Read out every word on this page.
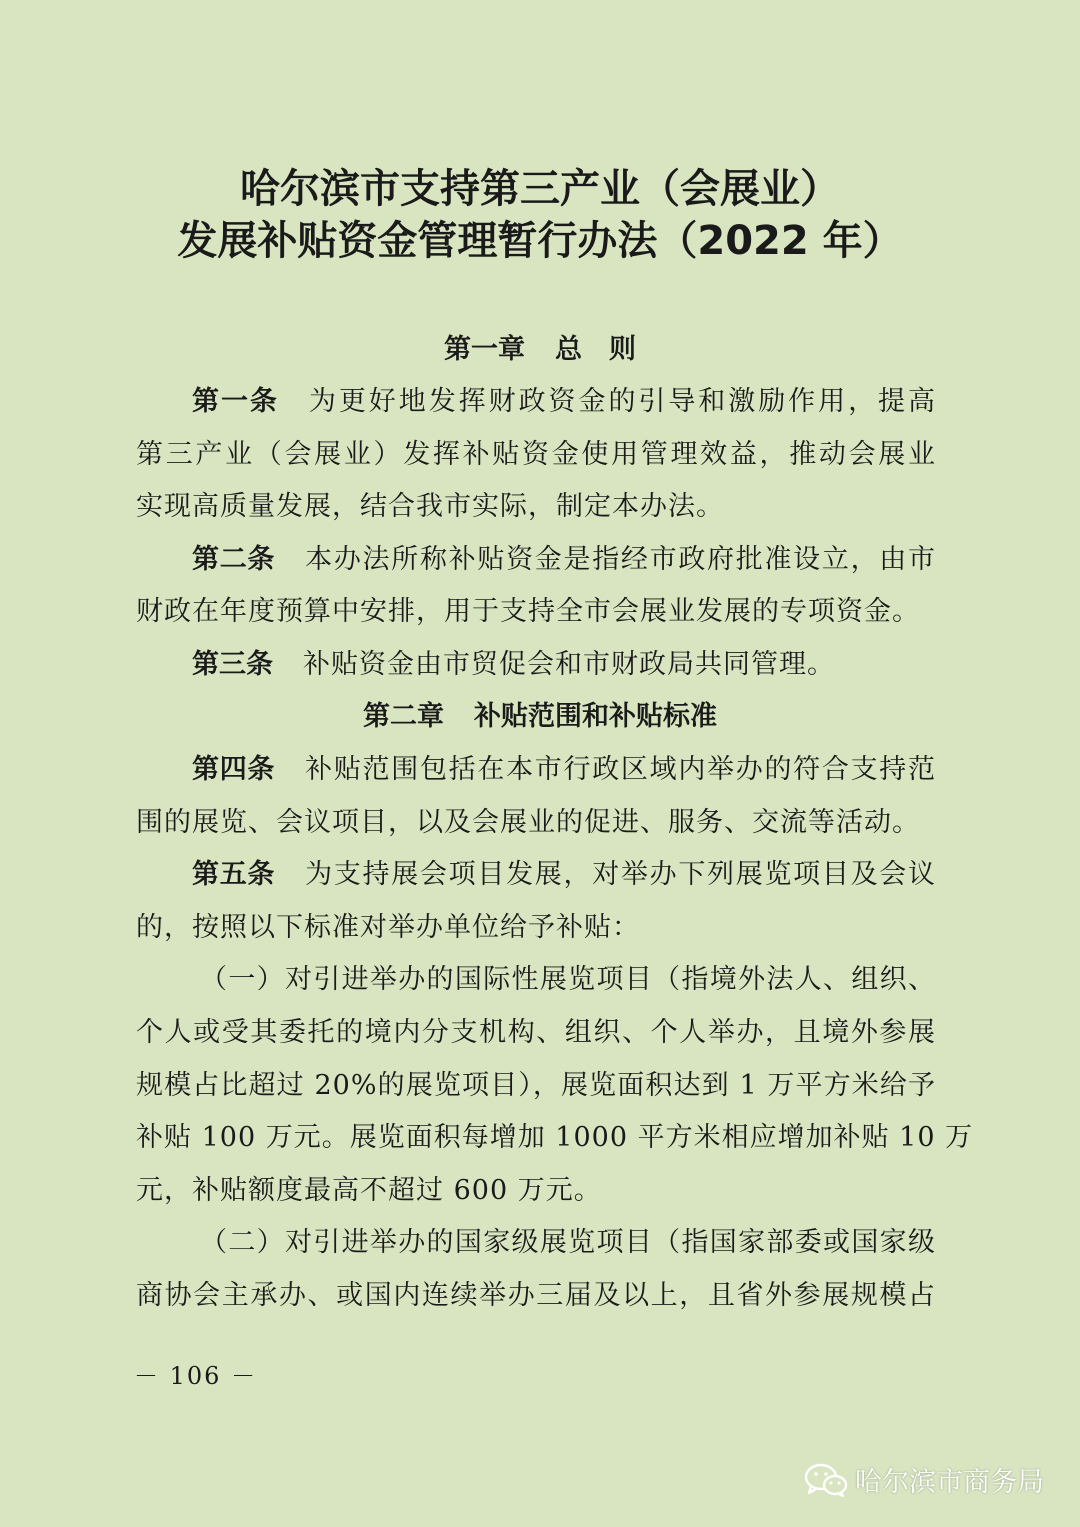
哈尔滨市支持第三产业（会展业）
发展补贴资金管理暂行办法（2022 年）
第一章 总　则
第一条 为更好地发挥财政资金的引导和激励作用，提高
第三产业（会展业）发挥补贴资金使用管理效益，推动会展业
实现高质量发展，结合我市实际，制定本办法。
第二条 本办法所称补贴资金是指经市政府批准设立，由市
财政在年度预算中安排，用于支持全市会展业发展的专项资金。
第三条 补贴资金由市贸促会和市财政局共同管理。
第二章 补贴范围和补贴标准
第四条 补贴范围包括在本市行政区域内举办的符合支持范
围的展览、会议项目，以及会展业的促进、服务、交流等活动。
第五条 为支持展会项目发展，对举办下列展览项目及会议
的，按照以下标准对举办单位给予补贴：
（一）对引进举办的国际性展览项目（指境外法人、组织、
个人或受其委托的境内分支机构、组织、个人举办，且境外参展
规模占比超过 20%的展览项目），展览面积达到 1 万平方米给予
补贴 100 万元。展览面积每增加 1000 平方米相应增加补贴 10 万
元，补贴额度最高不超过 600 万元。
（二）对引进举办的国家级展览项目（指国家部委或国家级
商协会主承办、或国内连续举办三届及以上，且省外参展规模占
－ 106 －
哈尔滨市商务局
